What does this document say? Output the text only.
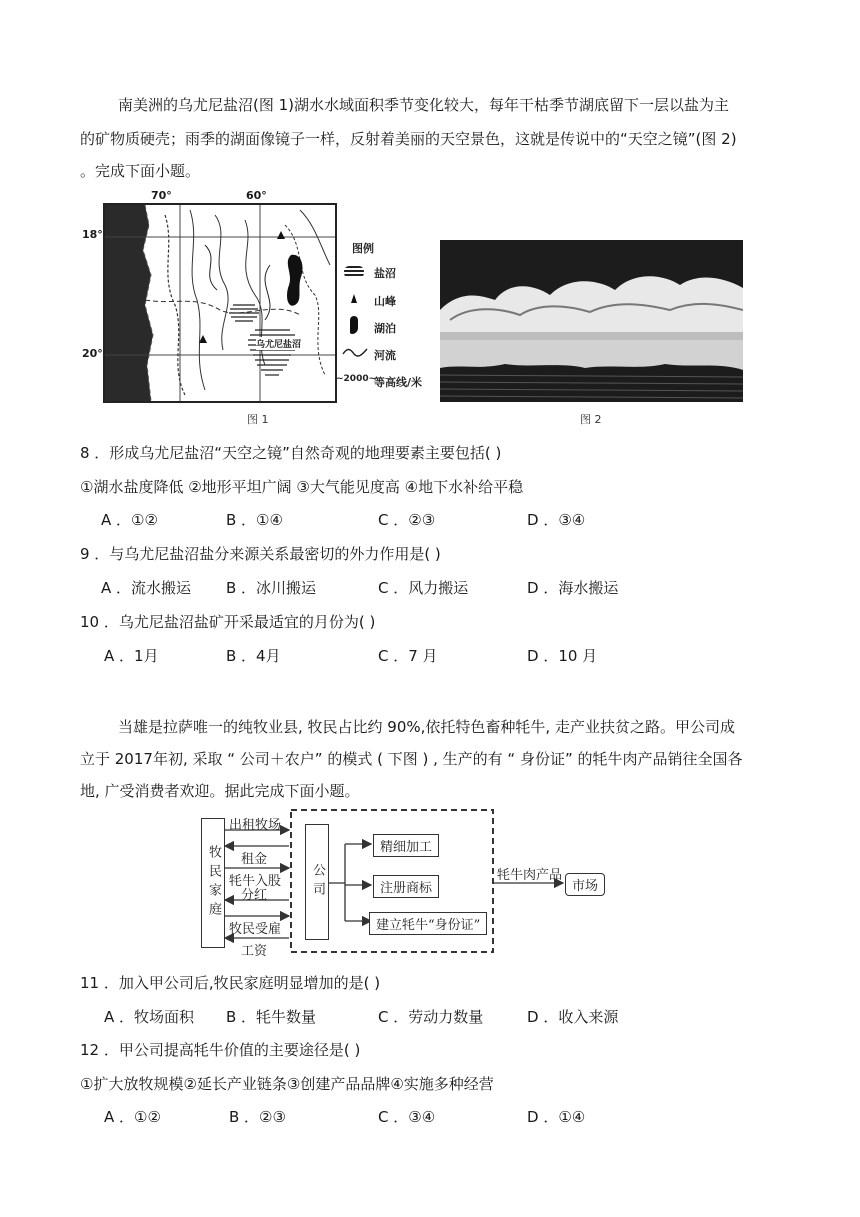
南美洲的乌尤尼盐沼(图 1)湖水水域面积季节变化较大，每年干枯季节湖底留下一层以盐为主
的矿物质硬壳；雨季的湖面像镜子一样，反射着美丽的天空景色，这就是传说中的“天空之镜”(图 2)
。完成下面小题。
70°	60°
18°
20°
乌尤尼盐沼
图例
盐沼
山峰
湖泊
河流
~2000~
等高线/米
图 1	图 2
8 ．形成乌尤尼盐沼“天空之镜”自然奇观的地理要素主要包括( )
①湖水盐度降低 ②地形平坦广阔 ③大气能见度高 ④地下水补给平稳
A ．①②	B ．①④	C ．②③	D ．③④
9 ．与乌尤尼盐沼盐分来源关系最密切的外力作用是( )
A ．流水搬运 B ．冰川搬运	C ．风力搬运	D ．海水搬运
10 ．乌尤尼盐沼盐矿开采最适宜的月份为( )
A ．1月	B ．4月	C ．7 月	D ．10 月
当雄是拉萨唯一的纯牧业县, 牧民占比约 90%,依托特色畜种牦牛, 走产业扶贫之路。甲公司成
立于 2017年初, 采取 “ 公司＋农户” 的模式 ( 下图 ) , 生产的有 “ 身份证” 的牦牛肉产品销往全国各
地, 广受消费者欢迎。据此完成下面小题。
牧民家庭
出租牧场
租金
牦牛入股
分红
牧民受雇
工资
公司
精细加工
注册商标
建立牦牛“身份证”
牦牛肉产品
市场
11 ．加入甲公司后,牧民家庭明显增加的是( )
A ．牧场面积 B ．牦牛数量	C ．劳动力数量	D ．收入来源
12 ．甲公司提高牦牛价值的主要途径是( )
①扩大放牧规模②延长产业链条③创建产品品牌④实施多种经营
A ．①②	B ．②③	C ．③④	D ．①④
